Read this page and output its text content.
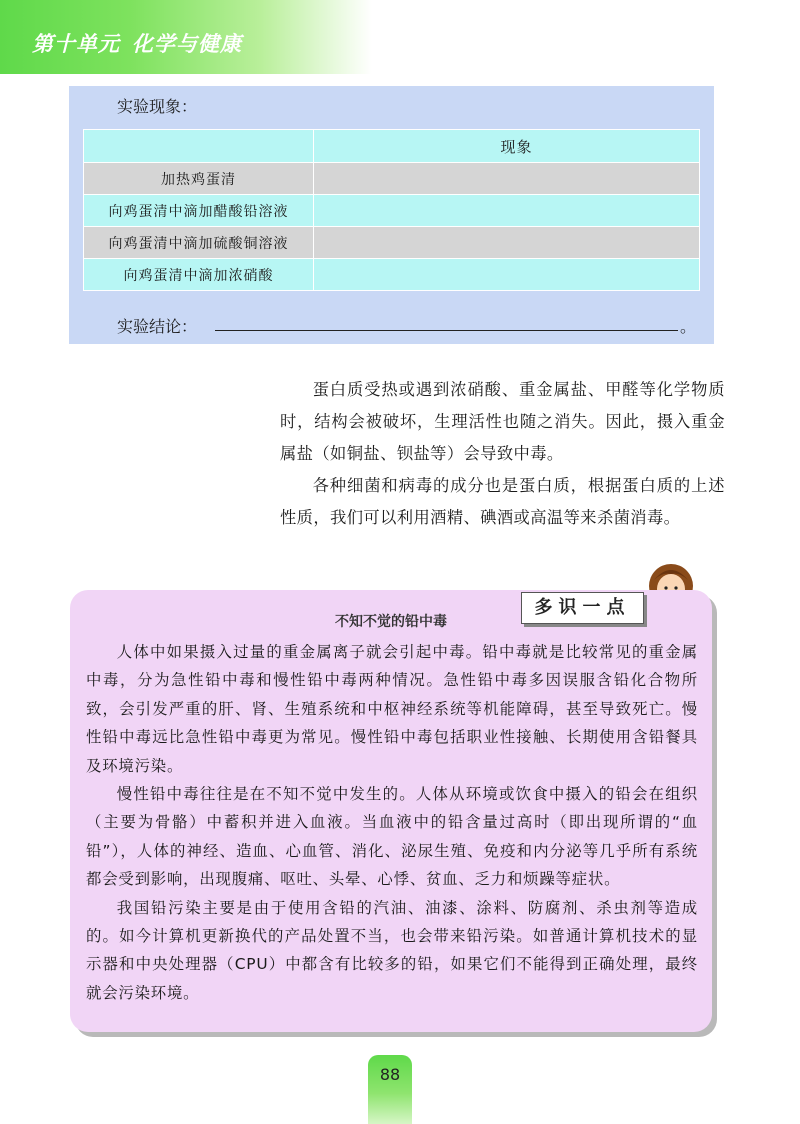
第十单元 化学与健康
实验现象：
	现象
加热鸡蛋清	
向鸡蛋清中滴加醋酸铅溶液	
向鸡蛋清中滴加硫酸铜溶液	
向鸡蛋清中滴加浓硝酸	
实验结论：	。

蛋白质受热或遇到浓硝酸、重金属盐、甲醛等化学物质时，结构会被破坏，生理活性也随之消失。因此，摄入重金属盐（如铜盐、钡盐等）会导致中毒。

各种细菌和病毒的成分也是蛋白质，根据蛋白质的上述性质，我们可以利用酒精、碘酒或高温等来杀菌消毒。

多识一点
不知不觉的铅中毒

人体中如果摄入过量的重金属离子就会引起中毒。铅中毒就是比较常见的重金属中毒，分为急性铅中毒和慢性铅中毒两种情况。急性铅中毒多因误服含铅化合物所致，会引发严重的肝、肾、生殖系统和中枢神经系统等机能障碍，甚至导致死亡。慢性铅中毒远比急性铅中毒更为常见。慢性铅中毒包括职业性接触、长期使用含铅餐具及环境污染。

慢性铅中毒往往是在不知不觉中发生的。人体从环境或饮食中摄入的铅会在组织（主要为骨骼）中蓄积并进入血液。当血液中的铅含量过高时（即出现所谓的“血铅”），人体的神经、造血、心血管、消化、泌尿生殖、免疫和内分泌等几乎所有系统都会受到影响，出现腹痛、呕吐、头晕、心悸、贫血、乏力和烦躁等症状。

我国铅污染主要是由于使用含铅的汽油、油漆、涂料、防腐剂、杀虫剂等造成的。如今计算机更新换代的产品处置不当，也会带来铅污染。如普通计算机技术的显示器和中央处理器（CPU）中都含有比较多的铅，如果它们不能得到正确处理，最终就会污染环境。

88
